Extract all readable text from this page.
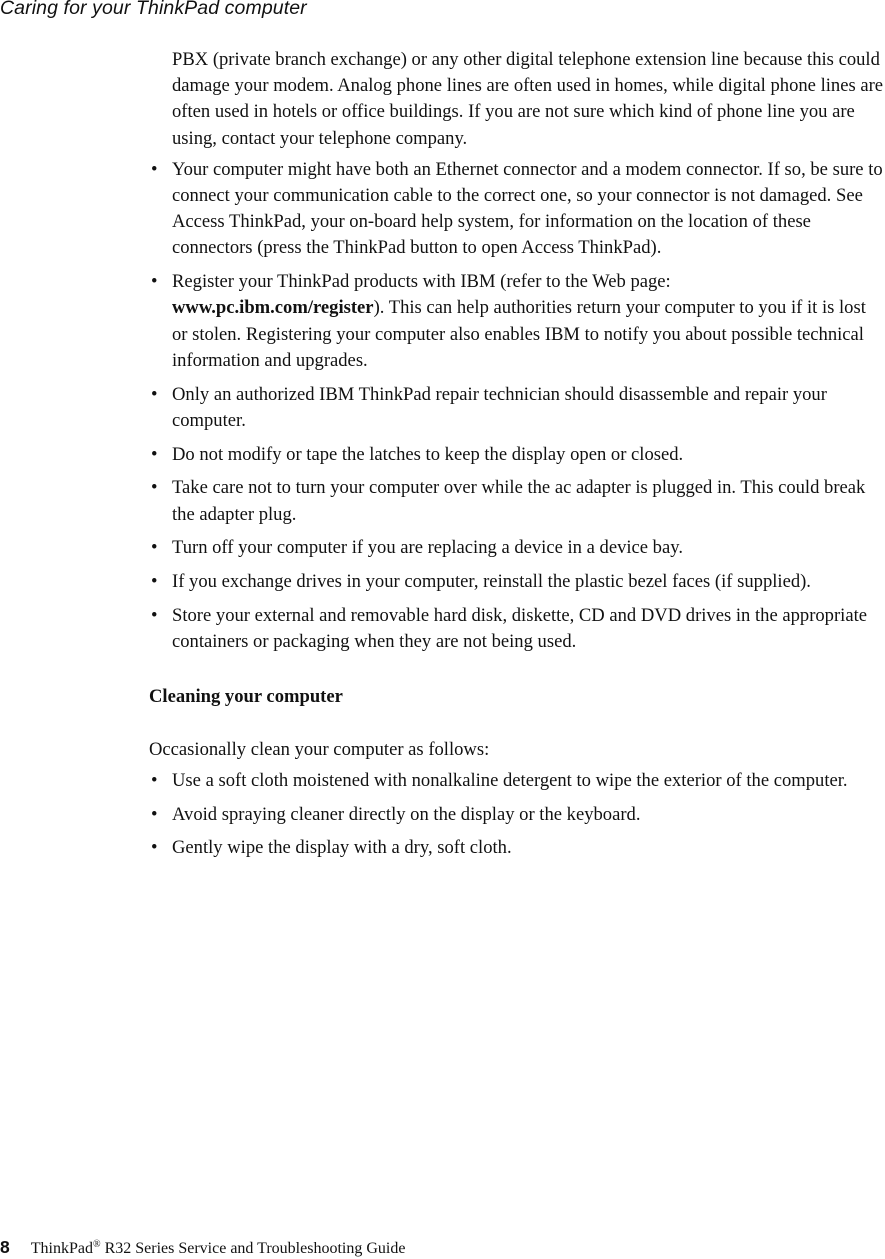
Caring for your ThinkPad computer

PBX (private branch exchange) or any other digital telephone extension line because this could damage your modem. Analog phone lines are often used in homes, while digital phone lines are often used in hotels or office buildings. If you are not sure which kind of phone line you are using, contact your telephone company.

• Your computer might have both an Ethernet connector and a modem connector. If so, be sure to connect your communication cable to the correct one, so your connector is not damaged. See Access ThinkPad, your on-board help system, for information on the location of these connectors (press the ThinkPad button to open Access ThinkPad).
• Register your ThinkPad products with IBM (refer to the Web page: www.pc.ibm.com/register). This can help authorities return your computer to you if it is lost or stolen. Registering your computer also enables IBM to notify you about possible technical information and upgrades.
• Only an authorized IBM ThinkPad repair technician should disassemble and repair your computer.
• Do not modify or tape the latches to keep the display open or closed.
• Take care not to turn your computer over while the ac adapter is plugged in. This could break the adapter plug.
• Turn off your computer if you are replacing a device in a device bay.
• If you exchange drives in your computer, reinstall the plastic bezel faces (if supplied).
• Store your external and removable hard disk, diskette, CD and DVD drives in the appropriate containers or packaging when they are not being used.
Cleaning your computer

Occasionally clean your computer as follows:

• Use a soft cloth moistened with nonalkaline detergent to wipe the exterior of the computer.
• Avoid spraying cleaner directly on the display or the keyboard.
• Gently wipe the display with a dry, soft cloth.
8 ThinkPad® R32 Series Service and Troubleshooting Guide
